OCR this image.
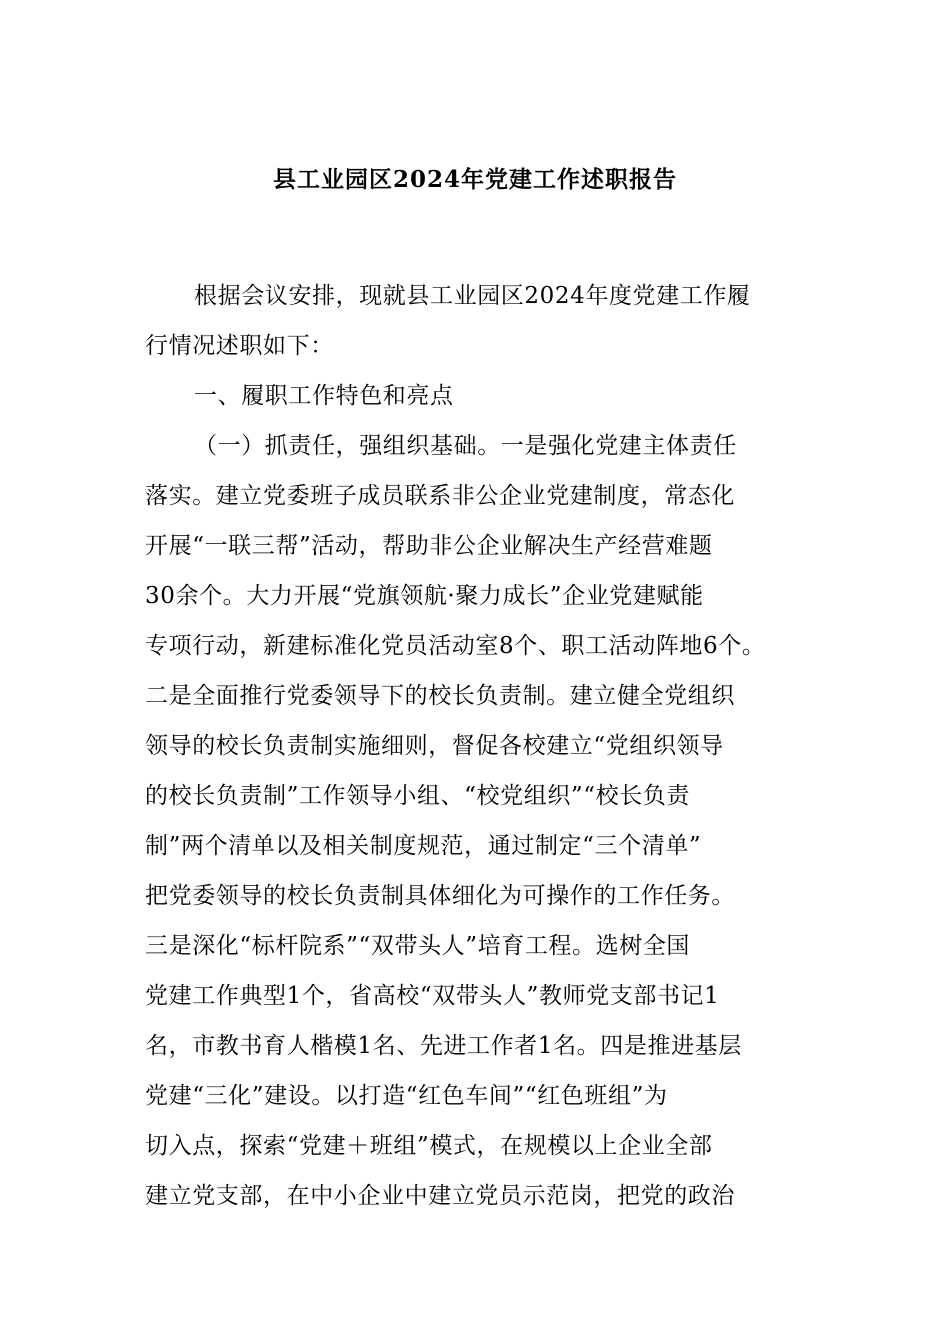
县工业园区2024年党建工作述职报告
根据会议安排，现就县工业园区2024年度党建工作履
行情况述职如下：
一、履职工作特色和亮点
（一）抓责任，强组织基础。一是强化党建主体责任
落实。建立党委班子成员联系非公企业党建制度，常态化
开展“一联三帮”活动，帮助非公企业解决生产经营难题
30余个。大力开展“党旗领航·聚力成长”企业党建赋能
专项行动，新建标准化党员活动室8个、职工活动阵地6个。
二是全面推行党委领导下的校长负责制。建立健全党组织
领导的校长负责制实施细则，督促各校建立“党组织领导
的校长负责制”工作领导小组、“校党组织”“校长负责
制”两个清单以及相关制度规范，通过制定“三个清单”
把党委领导的校长负责制具体细化为可操作的工作任务。
三是深化“标杆院系”“双带头人”培育工程。选树全国
党建工作典型1个，省高校“双带头人”教师党支部书记1
名，市教书育人楷模1名、先进工作者1名。四是推进基层
党建“三化”建设。以打造“红色车间”“红色班组”为
切入点，探索“党建＋班组”模式，在规模以上企业全部
建立党支部，在中小企业中建立党员示范岗，把党的政治
